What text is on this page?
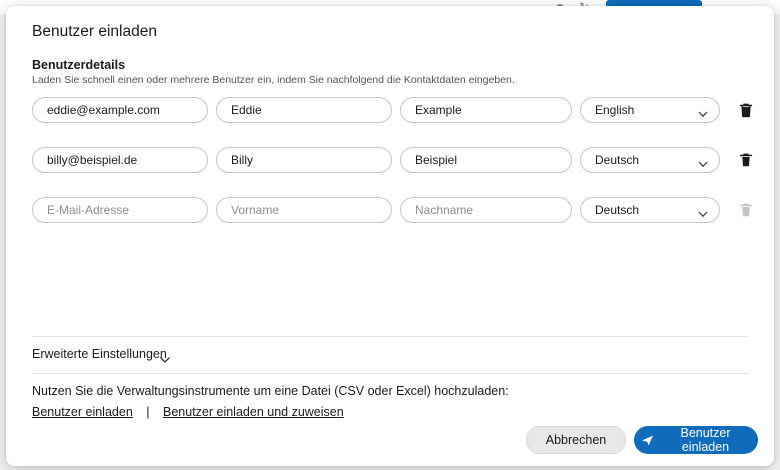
Benutzer einladen
Benutzerdetails
Laden Sie schnell einen oder mehrere Benutzer ein, indem Sie nachfolgend die Kontaktdaten eingeben.
eddie@example.com
Eddie
Example
English
billy@beispiel.de
Billy
Beispiel
Deutsch
E-Mail-Adresse
Vorname
Nachname
Deutsch
Erweiterte Einstellungen
Nutzen Sie die Verwaltungsinstrumente um eine Datei (CSV oder Excel) hochzuladen:
Benutzer einladen | Benutzer einladen und zuweisen
Abbrechen	Benutzer einladen
